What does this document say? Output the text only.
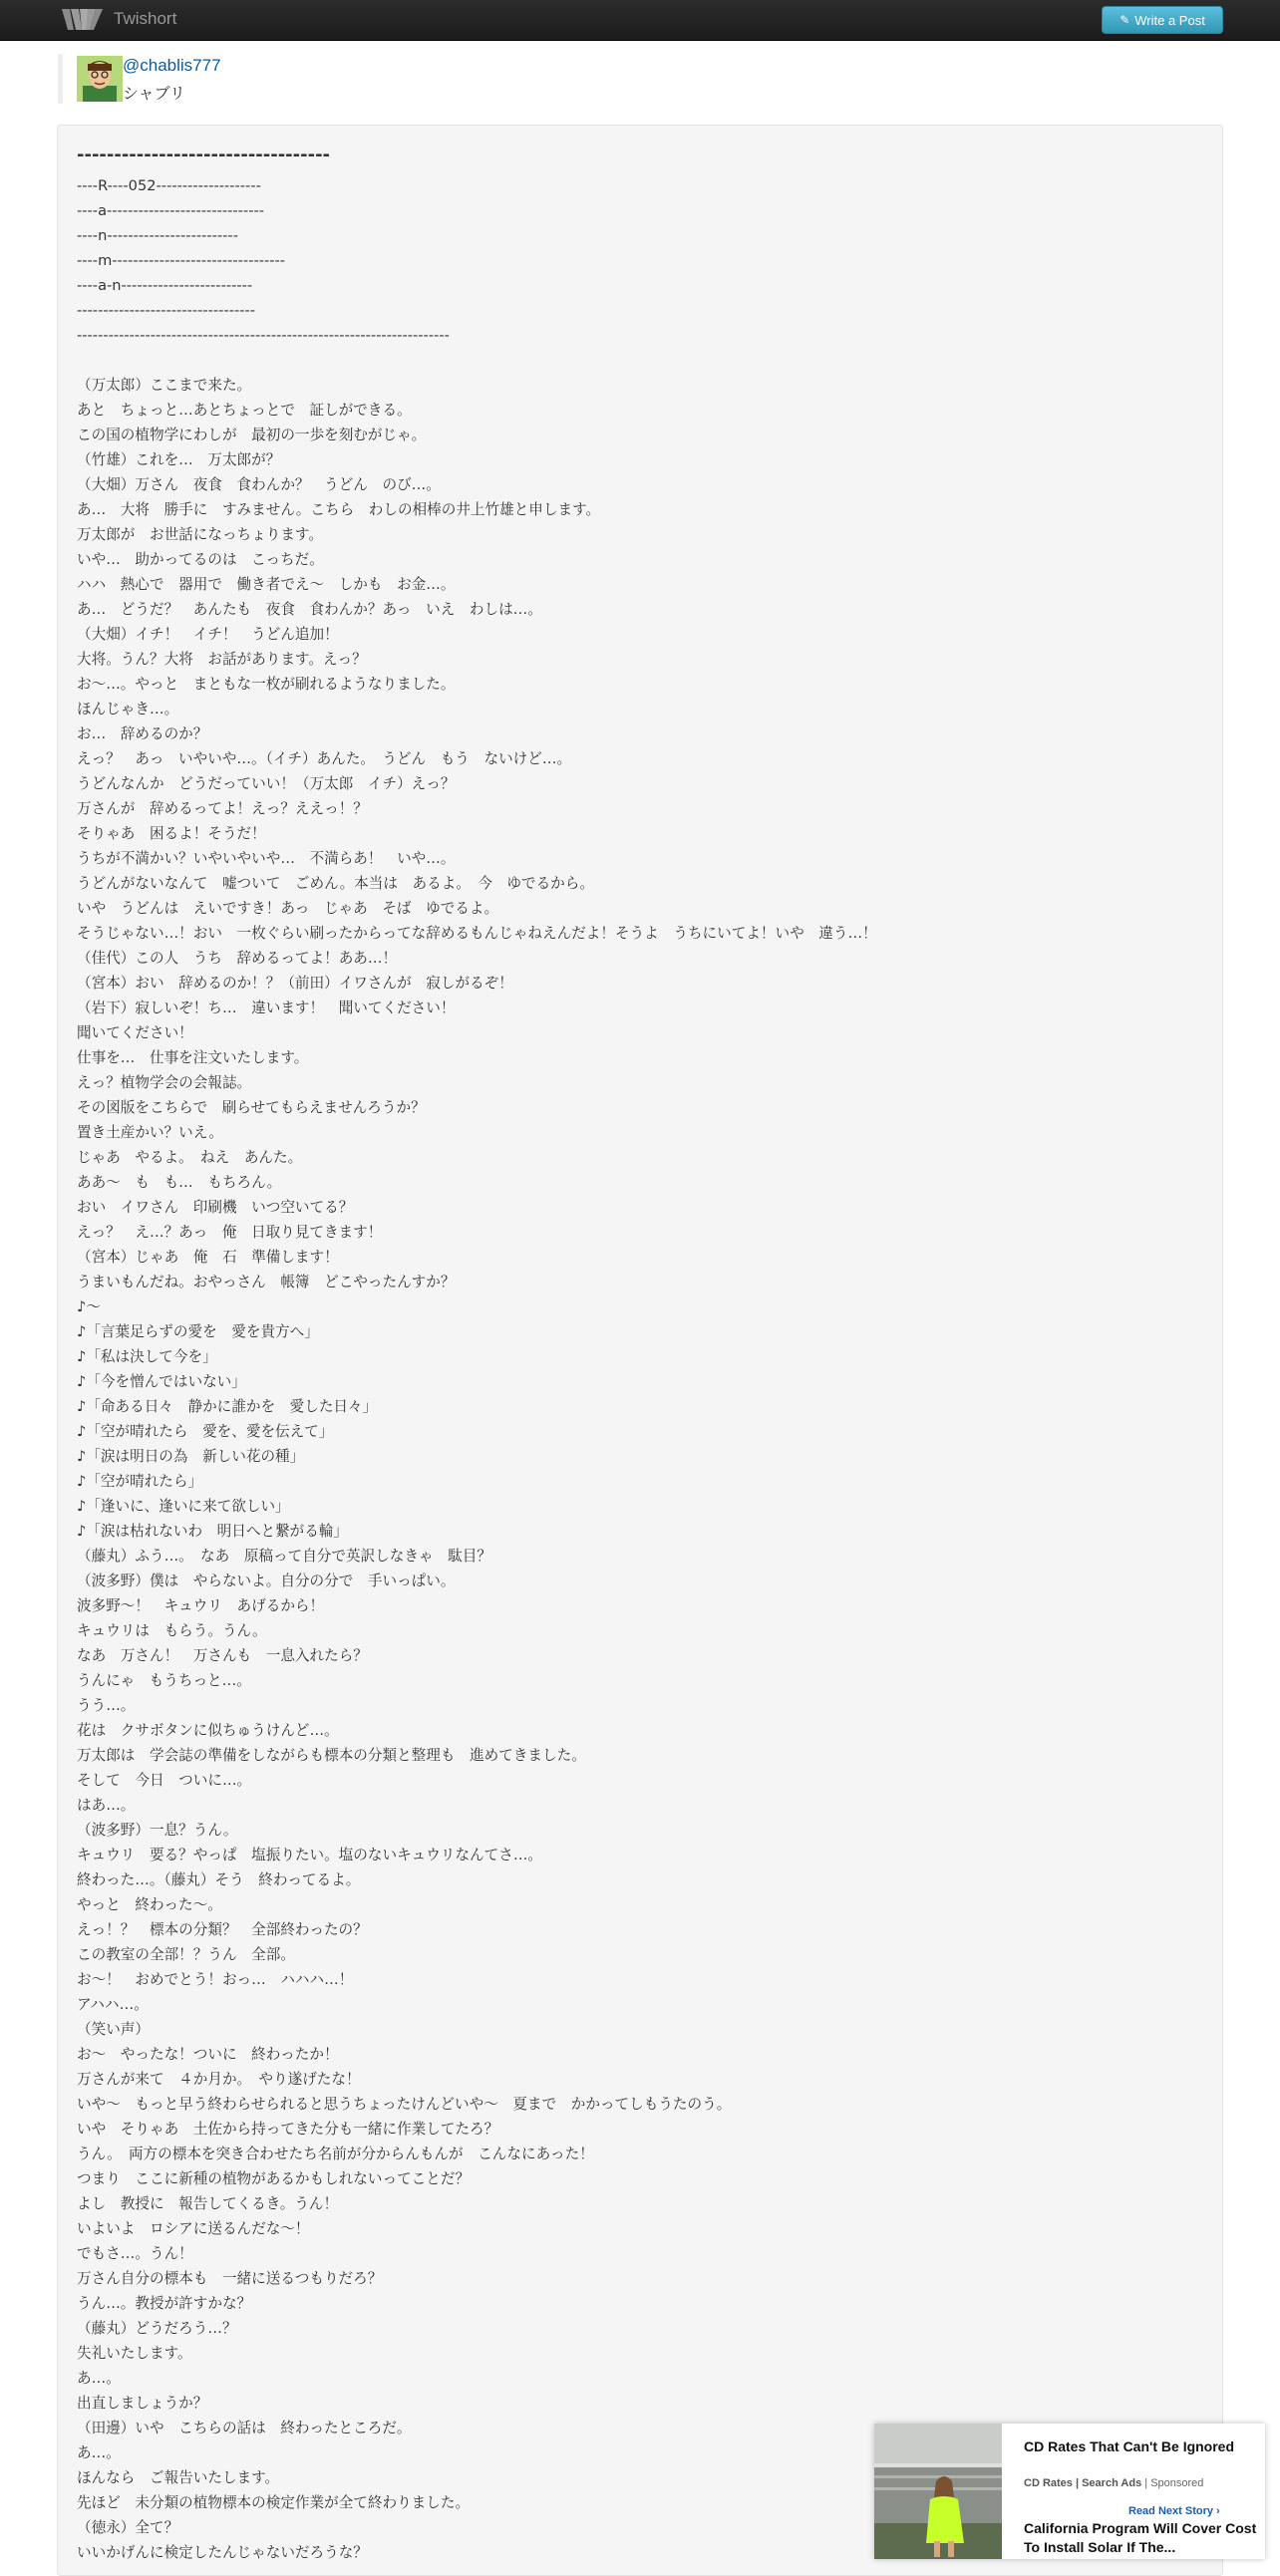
Twishort	✎ Write a Post
@chablis777
シャブリ
----------------------------------
----R----052--------------------
----a------------------------------
----n-------------------------
----m---------------------------------
----a-n-------------------------
----------------------------------
-----------------------------------------------------------------------
（万太郎）ここまで来た。
あと　ちょっと…あとちょっとで　証しができる。
この国の植物学にわしが　最初の一歩を刻むがじゃ。
（竹雄）これを…　万太郎が？
（大畑）万さん　夜食　食わんか？　うどん　のび…。
あ…　大将　勝手に　すみません。こちら　わしの相棒の井上竹雄と申します。
万太郎が　お世話になっちょります。
いや…　助かってるのは　こっちだ。
ハハ　熱心で　器用で　働き者でえ～　しかも　お金…。
あ…　どうだ？　あんたも　夜食　食わんか？あっ　いえ　わしは…。
（大畑）イチ！　イチ！　うどん追加！
大将。うん？大将　お話があります。えっ？
お～…。やっと　まともな一枚が刷れるようなりました。
ほんじゃき…。
お…　辞めるのか？
えっ？　あっ　いやいや…。（イチ）あんた。　うどん　もう　ないけど…。
うどんなんか　どうだっていい！（万太郎　イチ）えっ？
万さんが　辞めるってよ！えっ？ええっ！？
そりゃあ　困るよ！そうだ！
うちが不満かい？いやいやいや…　不満らあ！　いや…。
うどんがないなんて　嘘ついて　ごめん。本当は　あるよ。　今　ゆでるから。
いや　うどんは　えいですき！あっ　じゃあ　そば　ゆでるよ。
そうじゃない…！おい　一枚ぐらい刷ったからってな辞めるもんじゃねえんだよ！そうよ　うちにいてよ！いや　違う…！
（佳代）この人　うち　辞めるってよ！ああ…！
（宮本）おい　辞めるのか！？（前田）イワさんが　寂しがるぞ！
（岩下）寂しいぞ！ち…　違います！　聞いてください！
聞いてください！
仕事を…　仕事を注文いたします。
えっ？植物学会の会報誌。
その図版をこちらで　刷らせてもらえませんろうか？
置き土産かい？いえ。
じゃあ　やるよ。　ねえ　あんた。
ああ～　も　も…　もちろん。
おい　イワさん　印刷機　いつ空いてる？
えっ？　え…？あっ　俺　日取り見てきます！
（宮本）じゃあ　俺　石　準備します！
うまいもんだね。おやっさん　帳簿　どこやったんすか？
♪～
♪「言葉足らずの愛を　愛を貴方へ」
♪「私は決して今を」
♪「今を憎んではいない」
♪「命ある日々　静かに誰かを　愛した日々」
♪「空が晴れたら　愛を、愛を伝えて」
♪「涙は明日の為　新しい花の種」
♪「空が晴れたら」
♪「逢いに、逢いに来て欲しい」
♪「涙は枯れないわ　明日へと繋がる輪」
（藤丸）ふう…。　なあ　原稿って自分で英訳しなきゃ　駄目？
（波多野）僕は　やらないよ。自分の分で　手いっぱい。
波多野～！　キュウリ　あげるから！
キュウリは　もらう。うん。
なあ　万さん！　万さんも　一息入れたら？
うんにゃ　もうちっと…。
うう…。
花は　クサボタンに似ちゅうけんど…。
万太郎は　学会誌の準備をしながらも標本の分類と整理も　進めてきました。
そして　今日　ついに…。
はあ…。
（波多野）一息？うん。
キュウリ　要る？やっぱ　塩振りたい。塩のないキュウリなんてさ…。
終わった…。（藤丸）そう　終わってるよ。
やっと　終わった～。
えっ！？　標本の分類？　全部終わったの？
この教室の全部！？うん　全部。
お～！　おめでとう！おっ…　ハハハ…！
アハハ…。
（笑い声）
お～　やったな！ついに　終わったか！
万さんが来て　４か月か。　やり遂げたな！
いや～　もっと早う終わらせられると思うちょったけんどいや～　夏まで　かかってしもうたのう。
いや　そりゃあ　土佐から持ってきた分も一緒に作業してたろ？
うん。　両方の標本を突き合わせたち名前が分からんもんが　こんなにあった！
つまり　ここに新種の植物があるかもしれないってことだ？
よし　教授に　報告してくるき。うん！
いよいよ　ロシアに送るんだな～！
でもさ…。うん！
万さん自分の標本も　一緒に送るつもりだろ？
うん…。教授が許すかな？
（藤丸）どうだろう…？
失礼いたします。
あ…。
出直しましょうか？
（田邊）いや　こちらの話は　終わったところだ。
あ…。
ほんなら　ご報告いたします。
先ほど　未分類の植物標本の検定作業が全て終わりました。
（徳永）全て？
いいかげんに検定したんじゃないだろうな？
CD Rates That Can't Be Ignored
CD Rates | Search Ads | Sponsored
Read Next Story ›
California Program Will Cover Cost To Install Solar If The...
